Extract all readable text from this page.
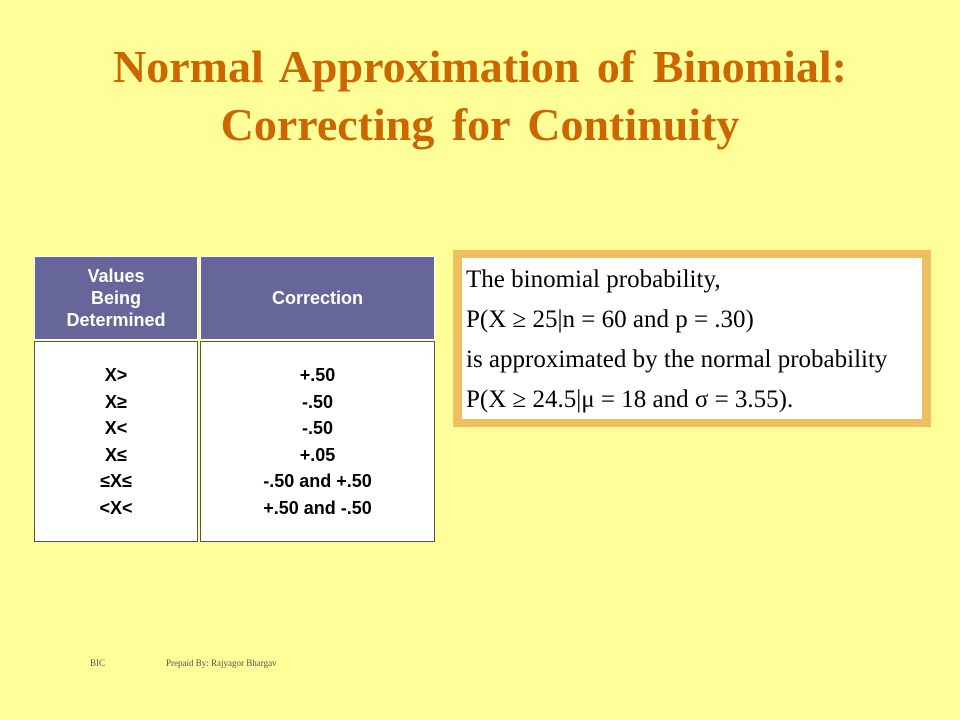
Normal Approximation of Binomial:
Correcting for Continuity
Values
Being
Determined
Correction
X>
X≥
X<
X≤
≤X≤
<X<
+.50
-.50
-.50
+.05
-.50 and +.50
+.50 and -.50
The binomial probability,
P(X ≥ 25|n = 60 and p = .30)
is approximated by the normal probability
P(X ≥ 24.5|μ = 18 and σ = 3.55).
BIC	Prepaid By: Rajyagor Bhargav
